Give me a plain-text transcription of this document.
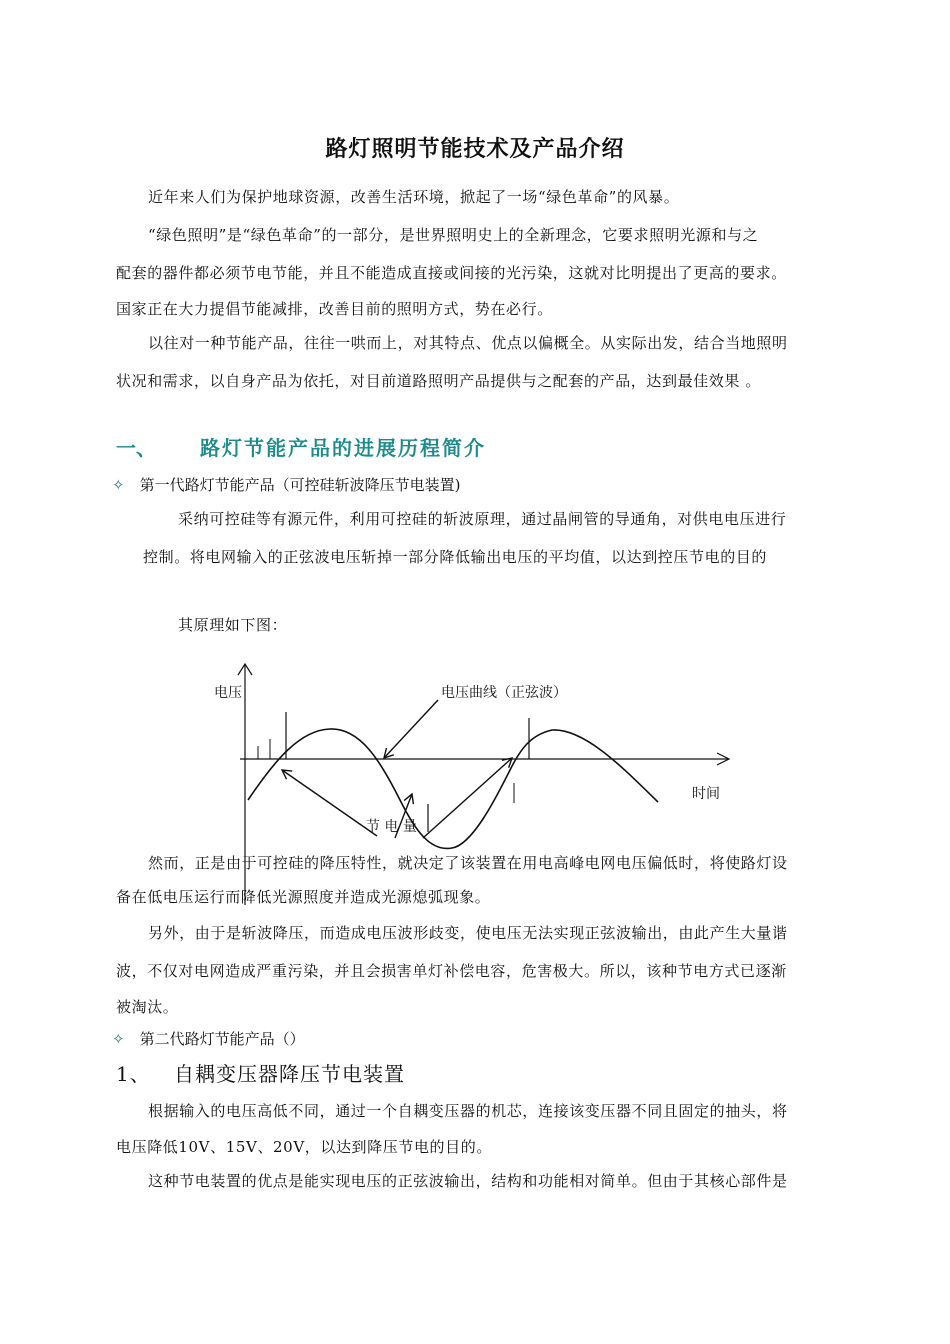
路灯照明节能技术及产品介绍
近年来人们为保护地球资源，改善生活环境，掀起了一场“绿色革命”的风暴。
“绿色照明”是“绿色革命”的一部分，是世界照明史上的全新理念，它要求照明光源和与之
配套的器件都必须节电节能，并且不能造成直接或间接的光污染，这就对比明提出了更高的要求。
国家正在大力提倡节能减排，改善目前的照明方式，势在必行。
以往对一种节能产品，往往一哄而上，对其特点、优点以偏概全。从实际出发，结合当地照明
状况和需求，以自身产品为依托，对目前道路照明产品提供与之配套的产品，达到最佳效果 。
一、 路灯节能产品的进展历程简介
✧ 第一代路灯节能产品（可控硅斩波降压节电装置)
采纳可控硅等有源元件，利用可控硅的斩波原理，通过晶闸管的导通角，对供电电压进行
控制。将电网输入的正弦波电压斩掉一部分降低输出电压的平均值，以达到控压节电的目的
其原理如下图：
电压
时间
电压曲线（正弦波）
节 电 量
然而，正是由于可控硅的降压特性，就决定了该装置在用电高峰电网电压偏低时，将使路灯设
备在低电压运行而降低光源照度并造成光源熄弧现象。
另外，由于是斩波降压，而造成电压波形歧变，使电压无法实现正弦波输出，由此产生大量谐
波，不仅对电网造成严重污染，并且会损害单灯补偿电容，危害极大。所以，该种节电方式已逐渐
被淘汰。
✧ 第二代路灯节能产品（）
1、 自耦变压器降压节电装置
根据输入的电压高低不同，通过一个自耦变压器的机芯，连接该变压器不同且固定的抽头，将
电压降低10V、15V、20V，以达到降压节电的目的。
这种节电装置的优点是能实现电压的正弦波输出，结构和功能相对简单。但由于其核心部件是
